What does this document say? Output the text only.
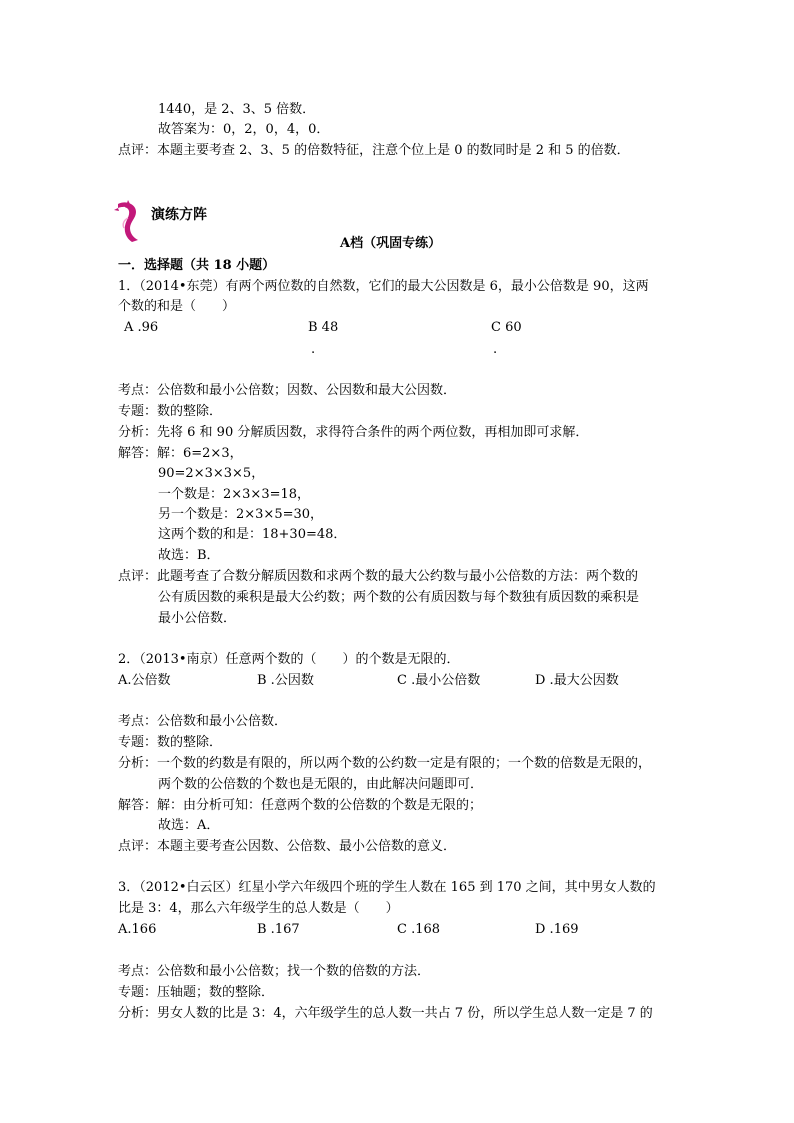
1440，是 2、3、5 倍数．
故答案为：0，2，0，4，0．
点评：本题主要考查 2、3、5 的倍数特征，注意个位上是 0 的数同时是 2 和 5 的倍数．
演练方阵
A档（巩固专练）
一．选择题（共 18 小题）
1．（2014•东莞）有两个两位数的自然数，它们的最大公因数是 6，最小公倍数是 90，这两
个数的和是（　　）
A .96	B 48	C 60
.	.
考点：公倍数和最小公倍数；因数、公因数和最大公因数．
专题：数的整除．
分析：先将 6 和 90 分解质因数，求得符合条件的两个两位数，再相加即可求解．
解答：解：6=2×3，
90=2×3×3×5，
一个数是：2×3×3=18，
另一个数是：2×3×5=30，
这两个数的和是：18+30=48．
故选：B．
点评：此题考查了合数分解质因数和求两个数的最大公约数与最小公倍数的方法：两个数的
公有质因数的乘积是最大公约数；两个数的公有质因数与每个数独有质因数的乘积是
最小公倍数．
2．（2013•南京）任意两个数的（　　）的个数是无限的．
A.公倍数	B .公因数	C .最小公倍数	D .最大公因数
考点：公倍数和最小公倍数．
专题：数的整除．
分析：一个数的约数是有限的，所以两个数的公约数一定是有限的；一个数的倍数是无限的，
两个数的公倍数的个数也是无限的，由此解决问题即可．
解答：解：由分析可知：任意两个数的公倍数的个数是无限的；
故选：A．
点评：本题主要考查公因数、公倍数、最小公倍数的意义．
3．（2012•白云区）红星小学六年级四个班的学生人数在 165 到 170 之间，其中男女人数的
比是 3：4，那么六年级学生的总人数是（　　）
A.166	B .167	C .168	D .169
考点：公倍数和最小公倍数；找一个数的倍数的方法．
专题：压轴题；数的整除．
分析：男女人数的比是 3：4，六年级学生的总人数一共占 7 份，所以学生总人数一定是 7 的
